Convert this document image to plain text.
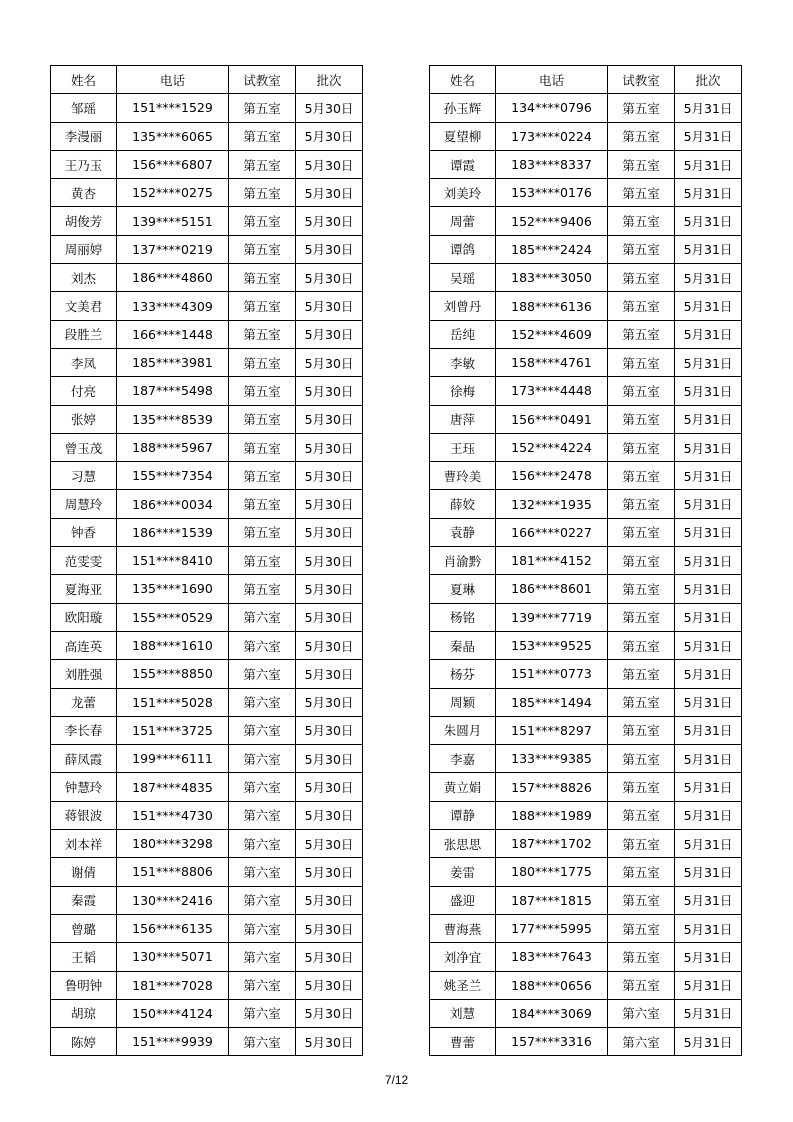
姓名	电话	试教室	批次
邹瑶	151****1529	第五室	5月30日
李漫丽	135****6065	第五室	5月30日
王乃玉	156****6807	第五室	5月30日
黄杏	152****0275	第五室	5月30日
胡俊芳	139****5151	第五室	5月30日
周丽婷	137****0219	第五室	5月30日
刘杰	186****4860	第五室	5月30日
文美君	133****4309	第五室	5月30日
段胜兰	166****1448	第五室	5月30日
李凤	185****3981	第五室	5月30日
付亮	187****5498	第五室	5月30日
张婷	135****8539	第五室	5月30日
曾玉茂	188****5967	第五室	5月30日
习慧	155****7354	第五室	5月30日
周慧玲	186****0034	第五室	5月30日
钟香	186****1539	第五室	5月30日
范雯雯	151****8410	第五室	5月30日
夏海亚	135****1690	第五室	5月30日
欧阳璇	155****0529	第六室	5月30日
高连英	188****1610	第六室	5月30日
刘胜强	155****8850	第六室	5月30日
龙蕾	151****5028	第六室	5月30日
李长春	151****3725	第六室	5月30日
薛凤霞	199****6111	第六室	5月30日
钟慧玲	187****4835	第六室	5月30日
蒋银波	151****4730	第六室	5月30日
刘本祥	180****3298	第六室	5月30日
谢倩	151****8806	第六室	5月30日
秦霞	130****2416	第六室	5月30日
曾璐	156****6135	第六室	5月30日
王韬	130****5071	第六室	5月30日
鲁明钟	181****7028	第六室	5月30日
胡琼	150****4124	第六室	5月30日
陈婷	151****9939	第六室	5月30日
姓名	电话	试教室	批次
孙玉辉	134****0796	第五室	5月31日
夏望柳	173****0224	第五室	5月31日
谭霞	183****8337	第五室	5月31日
刘美玲	153****0176	第五室	5月31日
周蕾	152****9406	第五室	5月31日
谭鸽	185****2424	第五室	5月31日
吴瑶	183****3050	第五室	5月31日
刘曾丹	188****6136	第五室	5月31日
岳纯	152****4609	第五室	5月31日
李敏	158****4761	第五室	5月31日
徐梅	173****4448	第五室	5月31日
唐萍	156****0491	第五室	5月31日
王珏	152****4224	第五室	5月31日
曹玲美	156****2478	第五室	5月31日
薛姣	132****1935	第五室	5月31日
袁静	166****0227	第五室	5月31日
肖渝黔	181****4152	第五室	5月31日
夏琳	186****8601	第五室	5月31日
杨铭	139****7719	第五室	5月31日
秦晶	153****9525	第五室	5月31日
杨芬	151****0773	第五室	5月31日
周颖	185****1494	第五室	5月31日
朱圆月	151****8297	第五室	5月31日
李嘉	133****9385	第五室	5月31日
黄立娟	157****8826	第五室	5月31日
谭静	188****1989	第五室	5月31日
张思思	187****1702	第五室	5月31日
姜雷	180****1775	第五室	5月31日
盛迎	187****1815	第五室	5月31日
曹海燕	177****5995	第五室	5月31日
刘净宜	183****7643	第五室	5月31日
姚圣兰	188****0656	第五室	5月31日
刘慧	184****3069	第六室	5月31日
曹蕾	157****3316	第六室	5月31日
7/12
